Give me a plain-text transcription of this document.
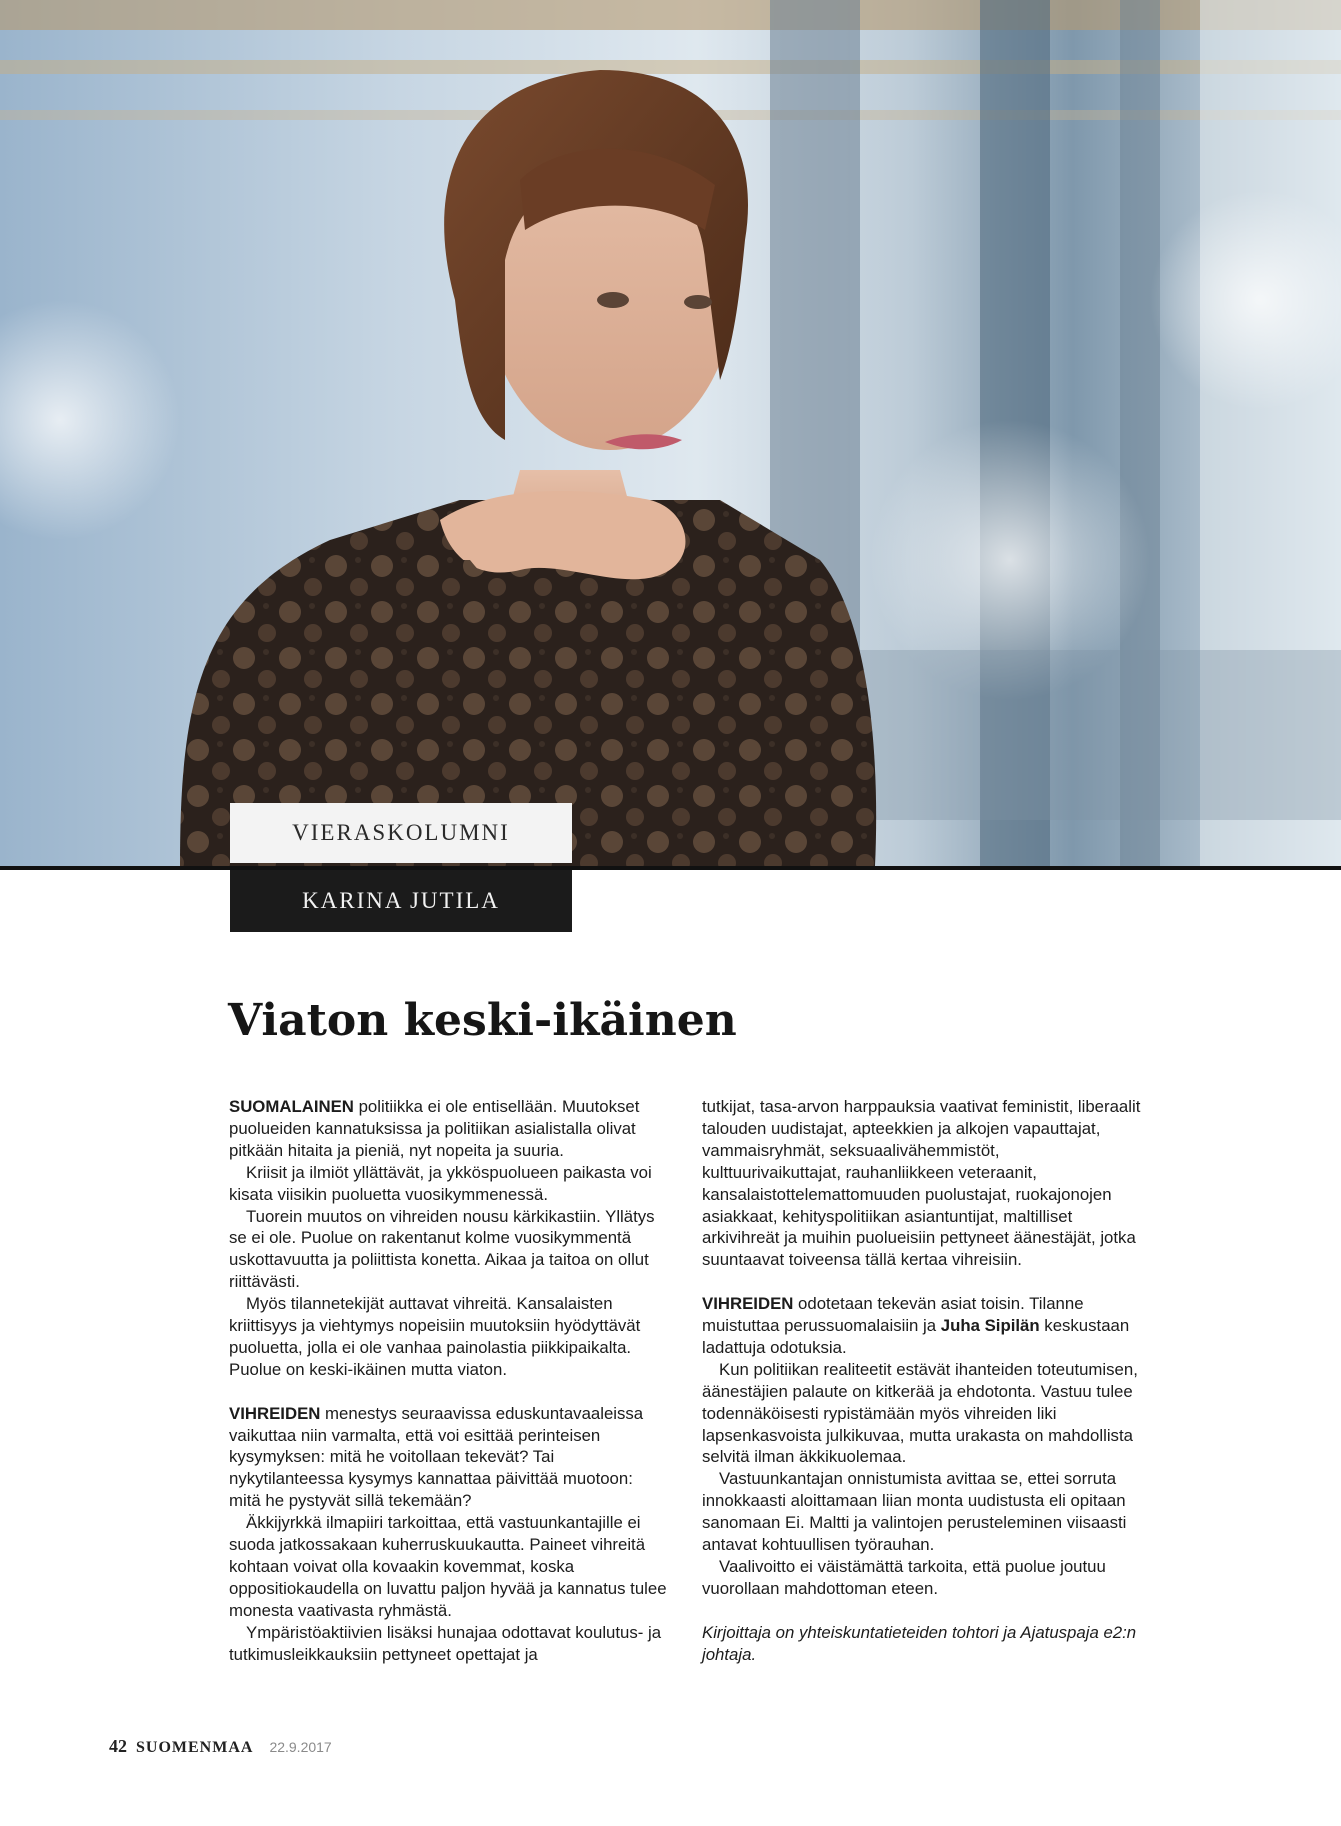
VIERASKOLUMNI
KARINA JUTILA
Viaton keski-ikäinen

SUOMALAINEN politiikka ei ole entisellään. Muutokset puolueiden kannatuksissa ja politiikan asialistalla olivat pitkään hitaita ja pieniä, nyt nopeita ja suuria.

Kriisit ja ilmiöt yllättävät, ja ykköspuolueen paikasta voi kisata viisikin puoluetta vuosikymmenessä.

Tuorein muutos on vihreiden nousu kärkikastiin. Yllätys se ei ole. Puolue on rakentanut kolme vuosikymmentä uskottavuutta ja poliittista konetta. Aikaa ja taitoa on ollut riittävästi.

Myös tilannetekijät auttavat vihreitä. Kansalaisten kriittisyys ja viehtymys nopeisiin muutoksiin hyödyttävät puoluetta, jolla ei ole vanhaa painolastia piikkipaikalta. Puolue on keski-ikäinen mutta viaton.

VIHREIDEN menestys seuraavissa eduskuntavaaleissa vaikuttaa niin varmalta, että voi esittää perinteisen kysymyksen: mitä he voitollaan tekevät? Tai nykytilanteessa kysymys kannattaa päivittää muotoon: mitä he pystyvät sillä tekemään?

Äkkijyrkkä ilmapiiri tarkoittaa, että vastuunkantajille ei suoda jatkossakaan kuherruskuukautta. Paineet vihreitä kohtaan voivat olla kovaakin kovemmat, koska oppositiokaudella on luvattu paljon hyvää ja kannatus tulee monesta vaativasta ryhmästä.

Ympäristöaktiivien lisäksi hunajaa odottavat koulutus- ja tutkimusleikkauksiin pettyneet opettajat ja

tutkijat, tasa-arvon harppauksia vaativat feministit, liberaalit talouden uudistajat, apteekkien ja alkojen vapauttajat, vammaisryhmät, seksuaalivähemmistöt, kulttuurivaikuttajat, rauhanliikkeen veteraanit, kansalaistottelemattomuuden puolustajat, ruokajonojen asiakkaat, kehityspolitiikan asiantuntijat, maltilliset arkivihreät ja muihin puolueisiin pettyneet äänestäjät, jotka suuntaavat toiveensa tällä kertaa vihreisiin.

VIHREIDEN odotetaan tekevän asiat toisin. Tilanne muistuttaa perussuomalaisiin ja Juha Sipilän keskustaan ladattuja odotuksia.

Kun politiikan realiteetit estävät ihanteiden toteutumisen, äänestäjien palaute on kitkerää ja ehdotonta. Vastuu tulee todennäköisesti rypistämään myös vihreiden liki lapsenkasvoista julkikuvaa, mutta urakasta on mahdollista selvitä ilman äkkikuolemaa.

Vastuunkantajan onnistumista avittaa se, ettei sorruta innokkaasti aloittamaan liian monta uudistusta eli opitaan sanomaan Ei. Maltti ja valintojen perusteleminen viisaasti antavat kohtuullisen työrauhan.

Vaalivoitto ei väistämättä tarkoita, että puolue joutuu vuorollaan mahdottoman eteen.

Kirjoittaja on yhteiskuntatieteiden tohtori ja Ajatuspaja e2:n johtaja.

42 SUOMENMAA 22.9.2017
